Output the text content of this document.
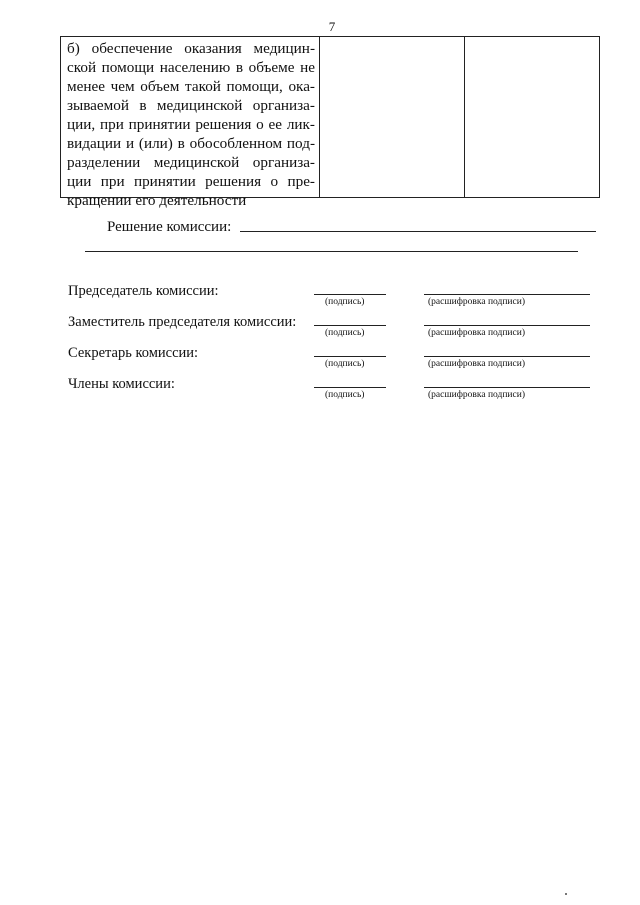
7

б) обеспечение оказания медицин-
ской помощи населению в объеме не
менее чем объем такой помощи, ока-
зываемой в медицинской организа-
ции, при принятии решения о ее лик-
видации и (или) в обособленном под-
разделении медицинской организа-
ции при принятии решения о пре-
кращении его деятельности

Решение комиссии:
Председатель комиссии:
(подпись)	(расшифровка подписи)
Заместитель председателя комиссии:
(подпись)	(расшифровка подписи)
Секретарь комиссии:
(подпись)	(расшифровка подписи)
Члены комиссии:
(подпись)	(расшифровка подписи)
